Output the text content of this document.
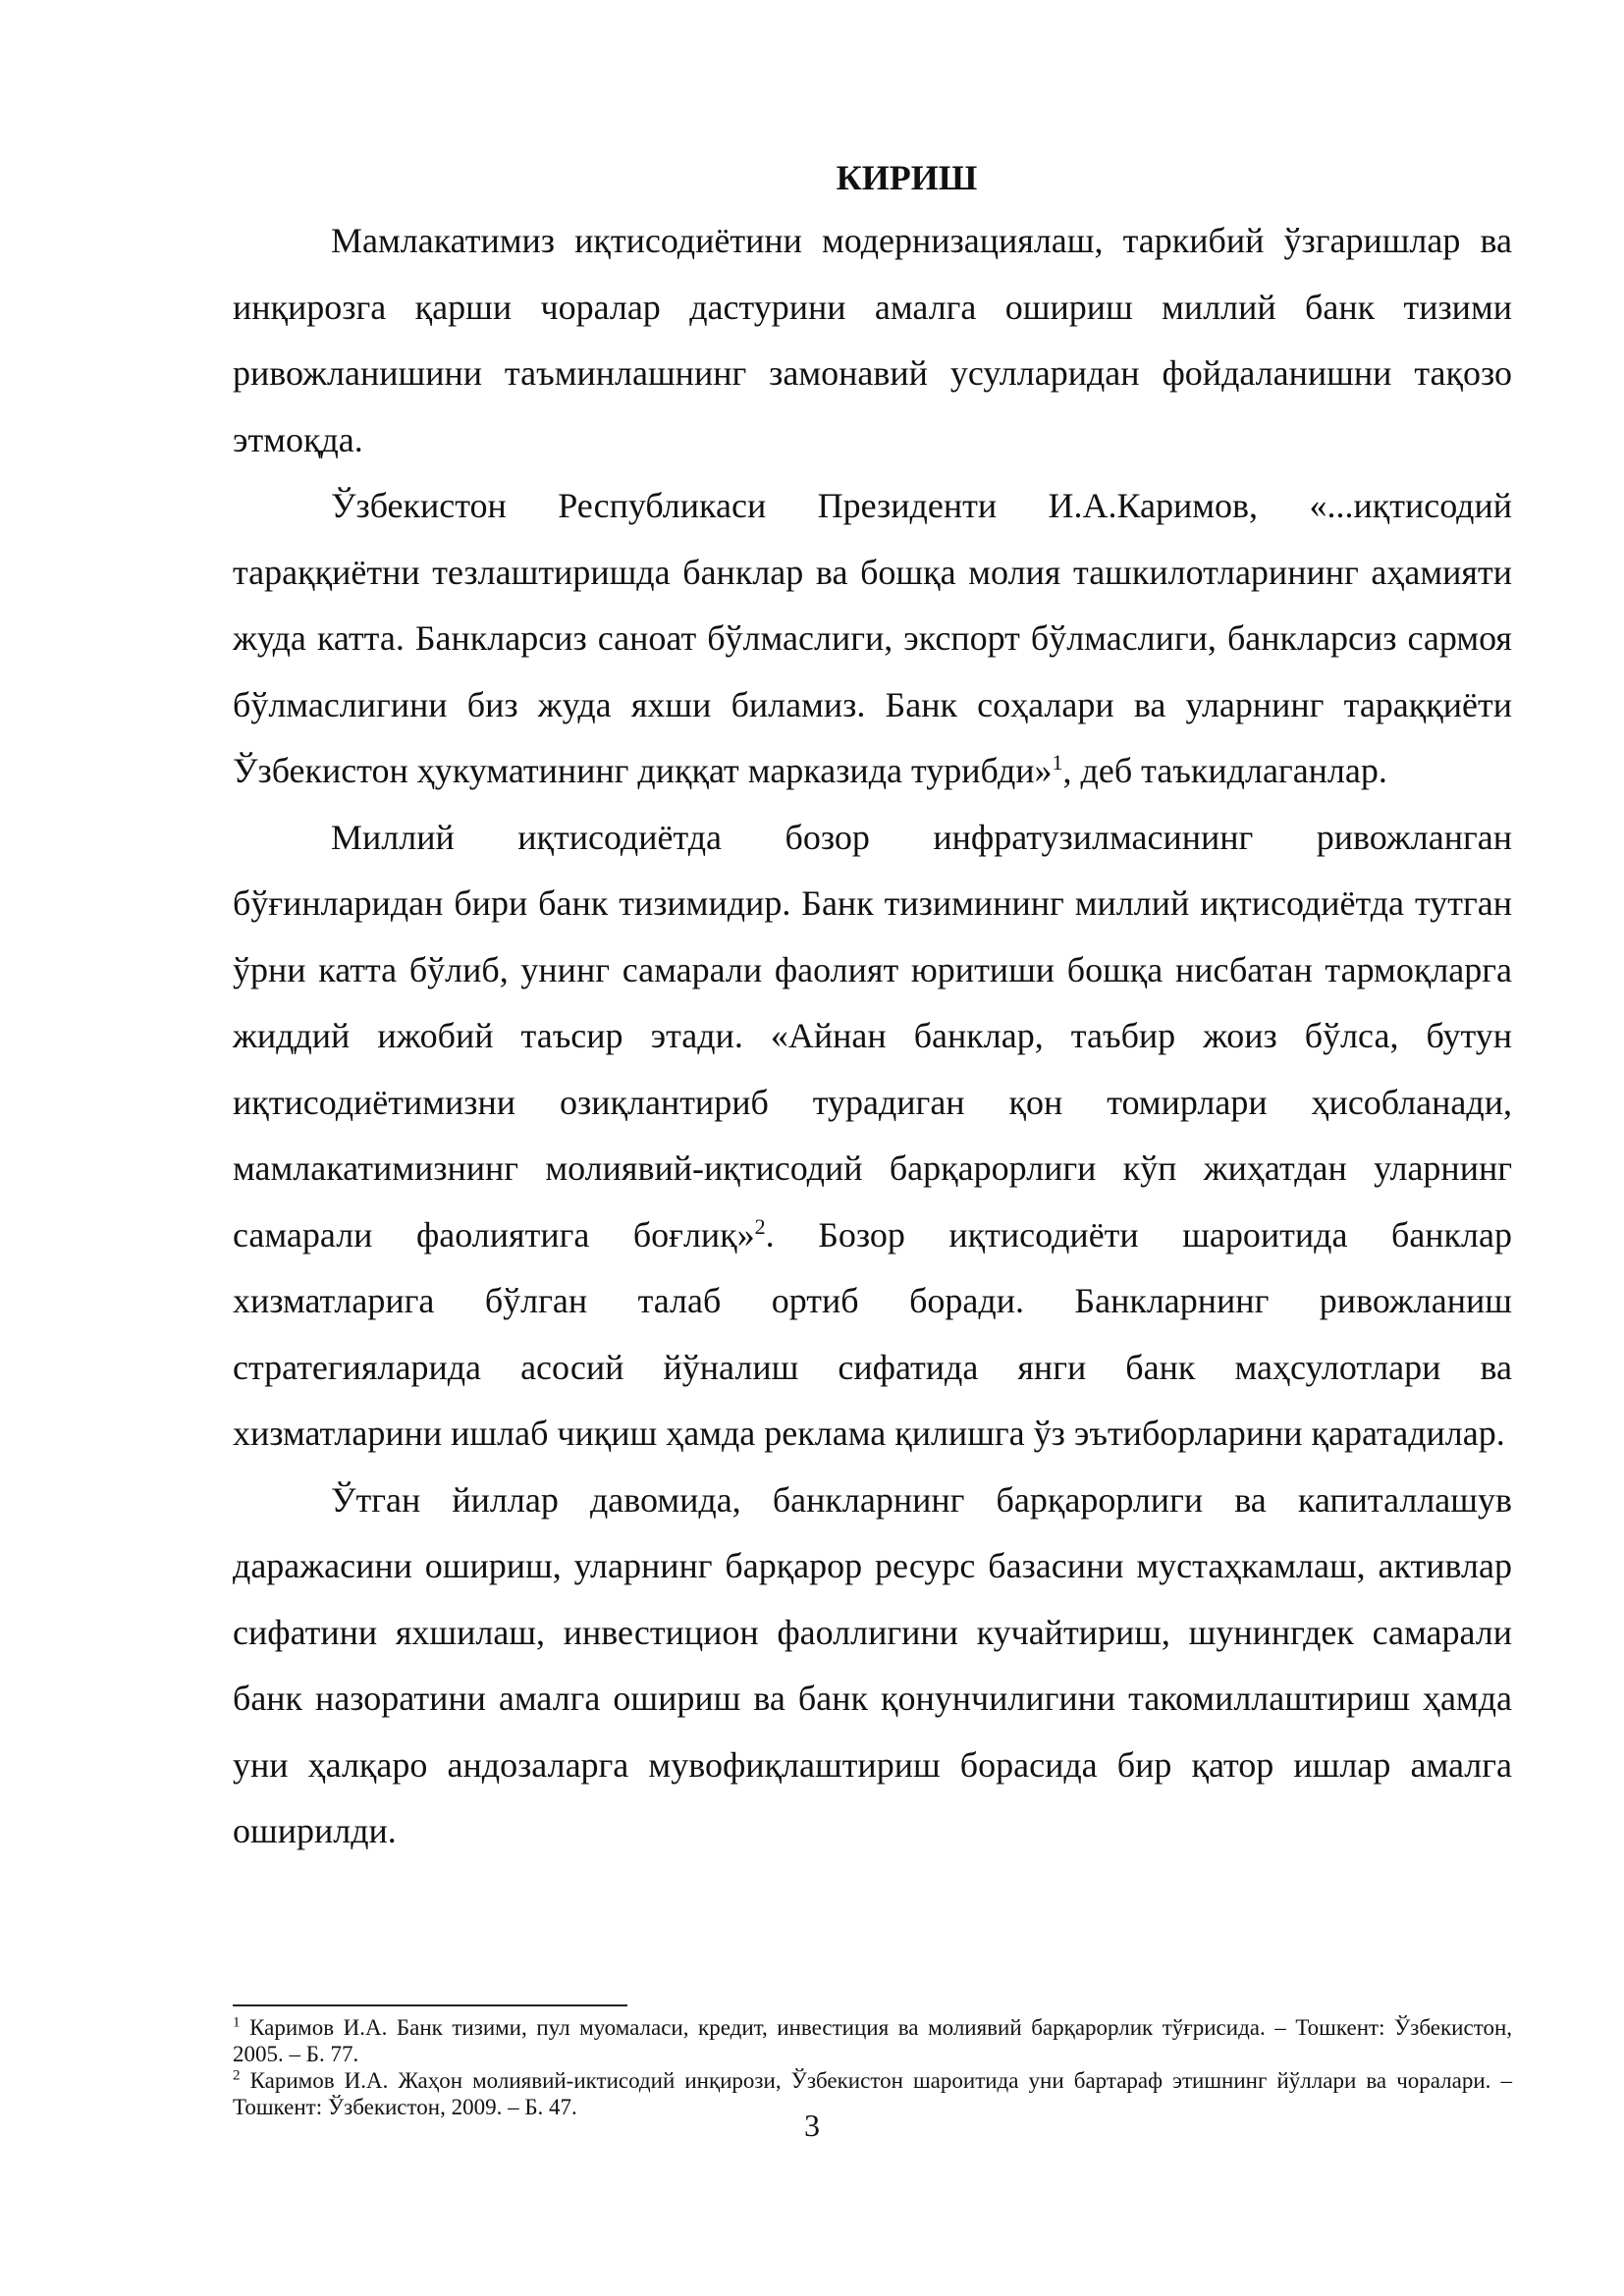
КИРИШ

Мамлакатимиз иқтисодиётини модернизациялаш, таркибий ўзгаришлар ва инқирозга қарши чоралар дастурини амалга ошириш миллий банк тизими ривожланишини таъминлашнинг замонавий усулларидан фойдаланишни тақозо этмоқда.

Ўзбекистон Республикаси Президенти И.А.Каримов, «...иқтисодий тараққиётни тезлаштиришда банклар ва бошқа молия ташкилотларининг аҳамияти жуда катта. Банкларсиз саноат бўлмаслиги, экспорт бўлмаслиги, банкларсиз сармоя бўлмаслигини биз жуда яхши биламиз. Банк соҳалари ва уларнинг тараққиёти Ўзбекистон ҳукуматининг диққат марказида турибди»$^1$, деб таъкидлаганлар.

Миллий иқтисодиётда бозор инфратузилмасининг ривожланган бўғинларидан бири банк тизимидир. Банк тизимининг миллий иқтисодиётда тутган ўрни катта бўлиб, унинг самарали фаолият юритиши бошқа нисбатан тармоқларга жиддий ижобий таъсир этади. «Айнан банклар, таъбир жоиз бўлса, бутун иқтисодиётимизни озиқлантириб турадиган қон томирлари ҳисобланади, мамлакатимизнинг молиявий-иқтисодий барқарорлиги кўп жиҳатдан уларнинг самарали фаолиятига боғлиқ»$^2$. Бозор иқтисодиёти шароитида банклар хизматларига бўлган талаб ортиб боради. Банкларнинг ривожланиш стратегияларида асосий йўналиш сифатида янги банк маҳсулотлари ва хизматларини ишлаб чиқиш ҳамда реклама қилишга ўз эътиборларини қаратадилар.

Ўтган йиллар давомида, банкларнинг барқарорлиги ва капиталлашув даражасини ошириш, уларнинг барқарор ресурс базасини мустаҳкамлаш, активлар сифатини яхшилаш, инвестицион фаоллигини кучайтириш, шунингдек самарали банк назоратини амалга ошириш ва банк қонунчилигини такомиллаштириш ҳамда уни ҳалқаро андозаларга мувофиқлаштириш борасида бир қатор ишлар амалга оширилди.

$^1$ Каримов И.А. Банк тизими, пул муомаласи, кредит, инвестиция ва молиявий барқарорлик тўғрисида. – Тошкент: Ўзбекистон, 2005. – Б. 77.

$^2$ Каримов И.А. Жаҳон молиявий-иктисодий инқирози, Ўзбекистон шароитида уни бартараф этишнинг йўллари ва чоралари. – Тошкент: Ўзбекистон, 2009. – Б. 47.

3
